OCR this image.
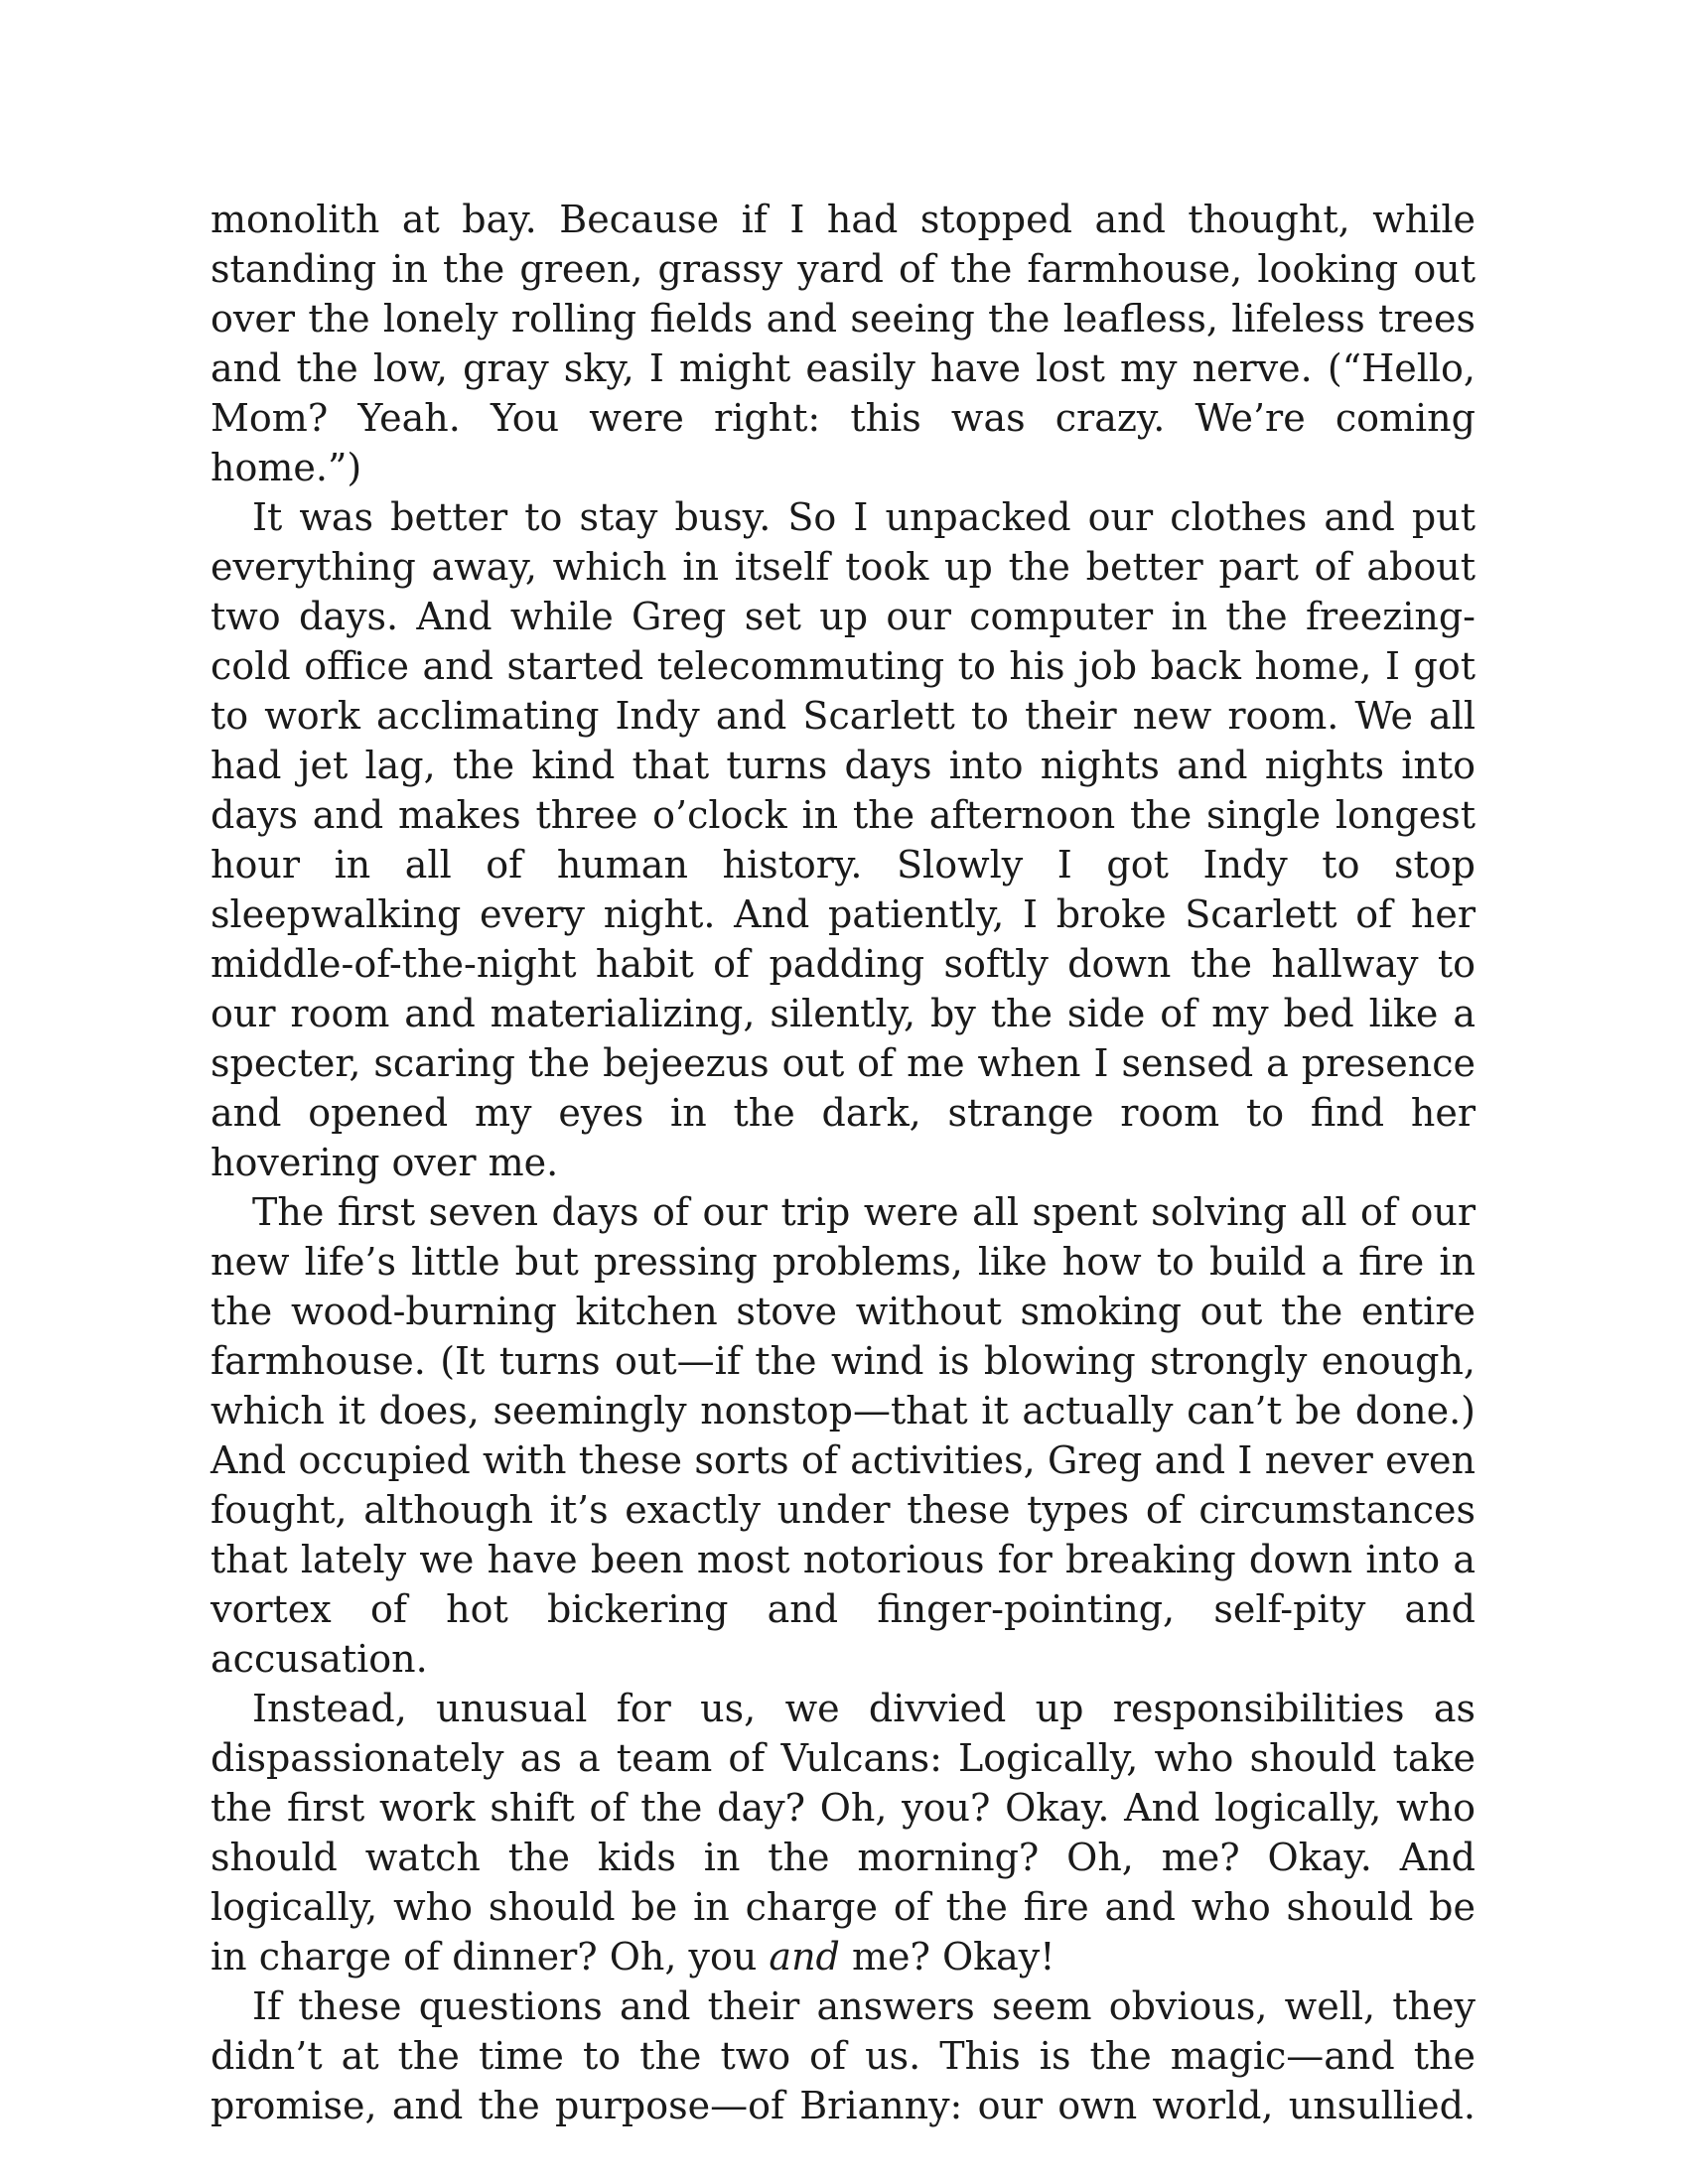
monolith at bay. Because if I had stopped and thought, while standing in the green, grassy yard of the farmhouse, looking out over the lonely rolling fields and seeing the leafless, lifeless trees and the low, gray sky, I might easily have lost my nerve. (“Hello, Mom? Yeah. You were right: this was crazy. We’re coming home.”)

It was better to stay busy. So I unpacked our clothes and put everything away, which in itself took up the better part of about two days. And while Greg set up our computer in the freezing-cold office and started telecommuting to his job back home, I got to work acclimating Indy and Scarlett to their new room. We all had jet lag, the kind that turns days into nights and nights into days and makes three o’clock in the afternoon the single longest hour in all of human history. Slowly I got Indy to stop sleepwalking every night. And patiently, I broke Scarlett of her middle-of-the-night habit of padding softly down the hallway to our room and materializing, silently, by the side of my bed like a specter, scaring the bejeezus out of me when I sensed a presence and opened my eyes in the dark, strange room to find her hovering over me.

The first seven days of our trip were all spent solving all of our new life’s little but pressing problems, like how to build a fire in the wood-burning kitchen stove without smoking out the entire farmhouse. (It turns out—if the wind is blowing strongly enough, which it does, seemingly nonstop—that it actually can’t be done.) And occupied with these sorts of activities, Greg and I never even fought, although it’s exactly under these types of circumstances that lately we have been most notorious for breaking down into a vortex of hot bickering and finger-pointing, self-pity and accusation.

Instead, unusual for us, we divvied up responsibilities as dispassionately as a team of Vulcans: Logically, who should take the first work shift of the day? Oh, you? Okay. And logically, who should watch the kids in the morning? Oh, me? Okay. And logically, who should be in charge of the fire and who should be in charge of dinner? Oh, you and me? Okay!

If these questions and their answers seem obvious, well, they didn’t at the time to the two of us. This is the magic—and the promise, and the purpose—of Brianny: our own world, unsullied.
